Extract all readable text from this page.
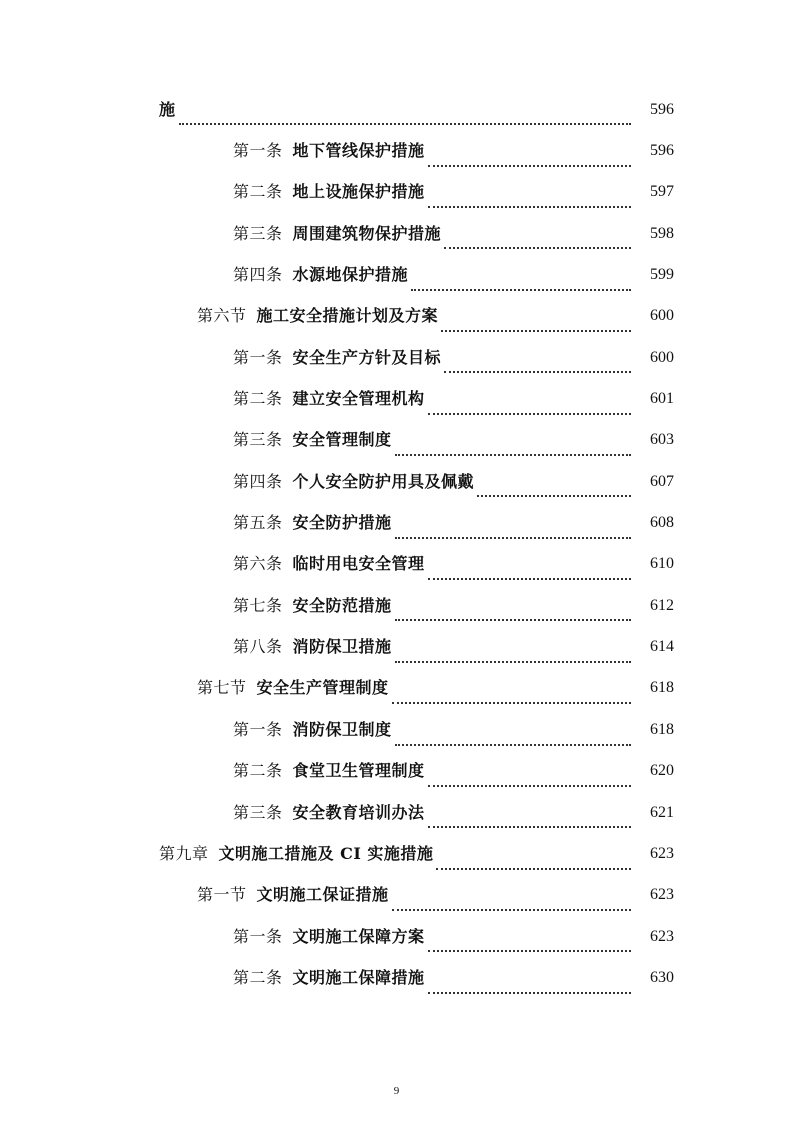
施	596
第一条 地下管线保护措施	596
第二条 地上设施保护措施	597
第三条 周围建筑物保护措施	598
第四条 水源地保护措施	599
第六节 施工安全措施计划及方案	600
第一条 安全生产方针及目标	600
第二条 建立安全管理机构	601
第三条 安全管理制度	603
第四条 个人安全防护用具及佩戴	607
第五条 安全防护措施	608
第六条 临时用电安全管理	610
第七条 安全防范措施	612
第八条 消防保卫措施	614
第七节 安全生产管理制度	618
第一条 消防保卫制度	618
第二条 食堂卫生管理制度	620
第三条 安全教育培训办法	621
第九章 文明施工措施及 CI 实施措施	623
第一节 文明施工保证措施	623
第一条 文明施工保障方案	623
第二条 文明施工保障措施	630
9
